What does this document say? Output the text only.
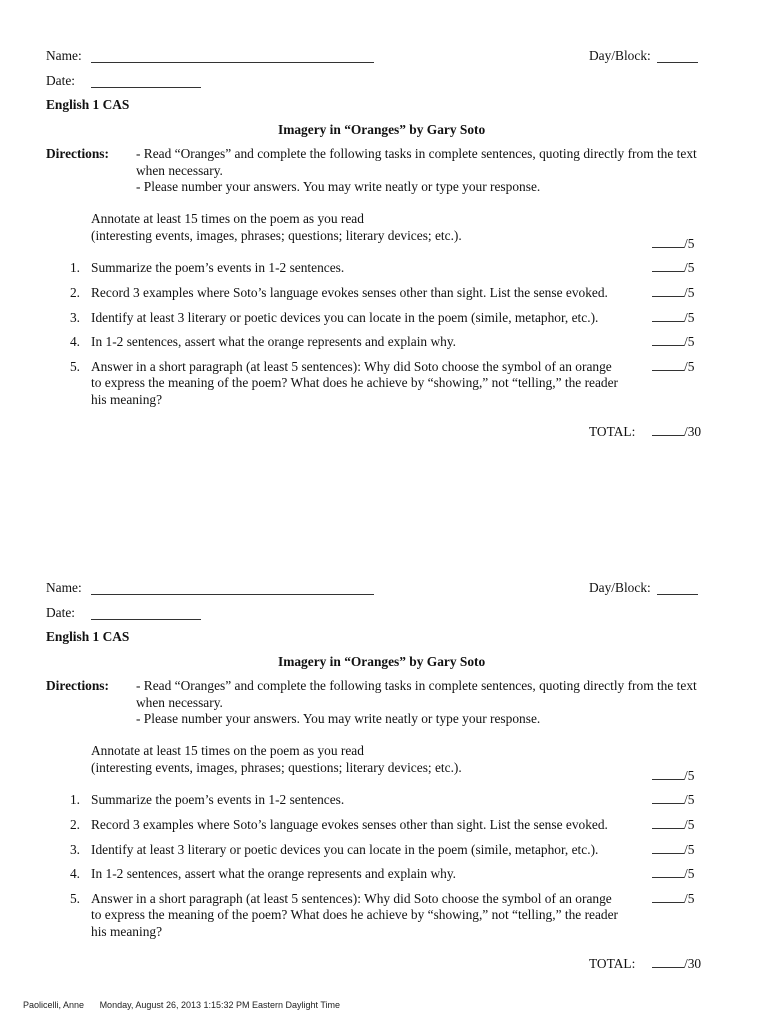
Name:	Day/Block:
Date:
English 1 CAS
Imagery in “Oranges” by Gary Soto
Directions: - Read “Oranges” and complete the following tasks in complete sentences, quoting directly from the text
when necessary.
- Please number your answers. You may write neatly or type your response.
Annotate at least 15 times on the poem as you read
(interesting events, images, phrases; questions; literary devices; etc.).
/5
1. Summarize the poem’s events in 1-2 sentences.	/5
2. Record 3 examples where Soto’s language evokes senses other than sight. List the sense evoked.	/5
3. Identify at least 3 literary or poetic devices you can locate in the poem (simile, metaphor, etc.).	/5
4. In 1-2 sentences, assert what the orange represents and explain why.	/5
5. Answer in a short paragraph (at least 5 sentences): Why did Soto choose the symbol of an orange
to express the meaning of the poem? What does he achieve by “showing,” not “telling,” the reader
his meaning?
/5
TOTAL:	/30
Name:	Day/Block:
Date:
English 1 CAS
Imagery in “Oranges” by Gary Soto
Directions: - Read “Oranges” and complete the following tasks in complete sentences, quoting directly from the text
when necessary.
- Please number your answers. You may write neatly or type your response.
Annotate at least 15 times on the poem as you read
(interesting events, images, phrases; questions; literary devices; etc.).
/5
1. Summarize the poem’s events in 1-2 sentences.	/5
2. Record 3 examples where Soto’s language evokes senses other than sight. List the sense evoked.	/5
3. Identify at least 3 literary or poetic devices you can locate in the poem (simile, metaphor, etc.).	/5
4. In 1-2 sentences, assert what the orange represents and explain why.	/5
5. Answer in a short paragraph (at least 5 sentences): Why did Soto choose the symbol of an orange
to express the meaning of the poem? What does he achieve by “showing,” not “telling,” the reader
his meaning?
/5
TOTAL:	/30
Paolicelli, Anne Monday, August 26, 2013 1:15:32 PM Eastern Daylight Time
